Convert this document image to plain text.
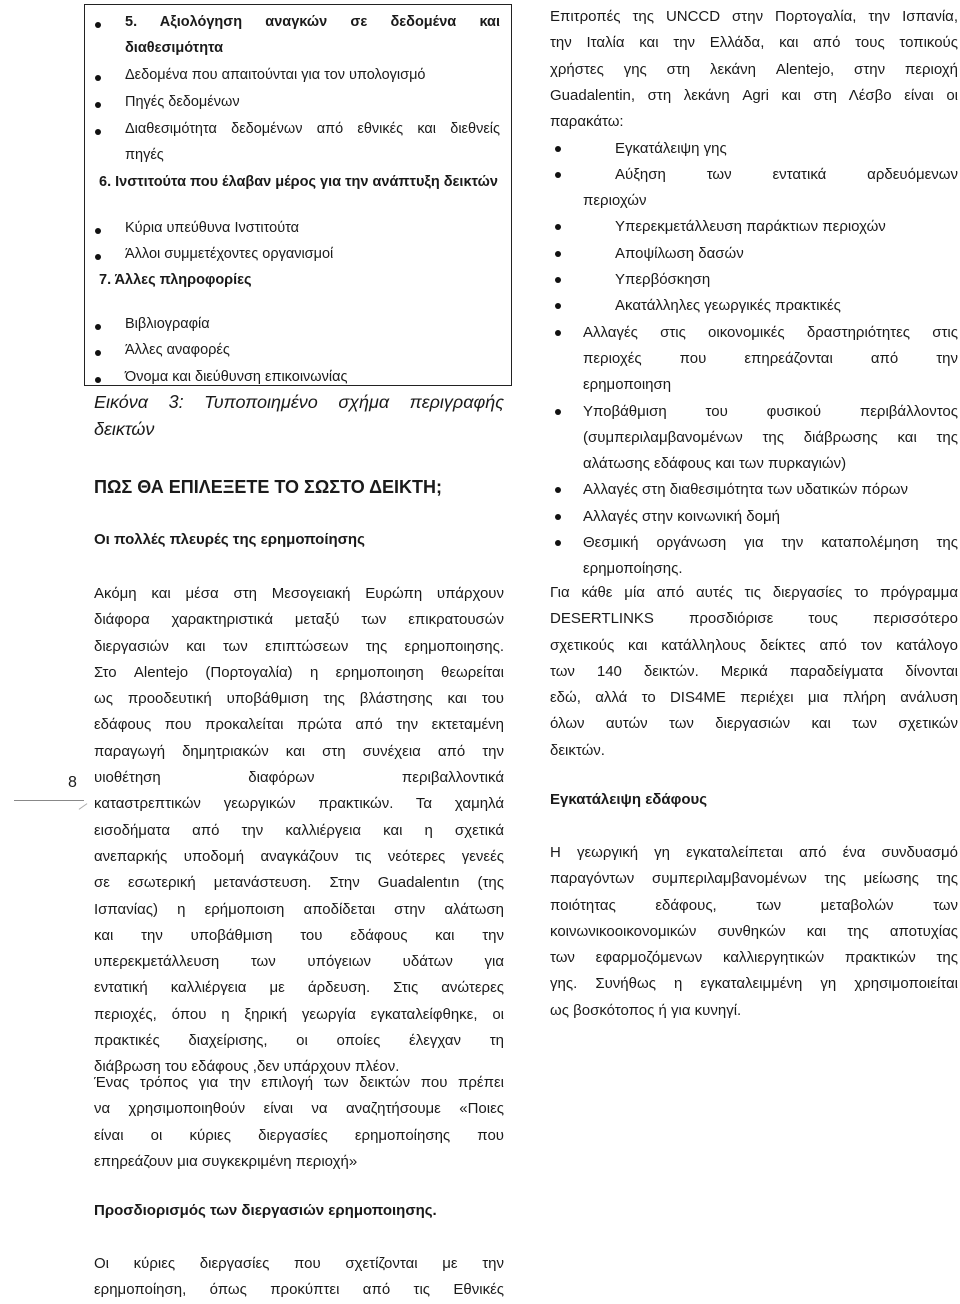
8
5. Αξιολόγηση αναγκών σε δεδομένα και
διαθεσιμότητα
Δεδομένα που απαιτούνται για τον υπολογισμό
Πηγές δεδομένων
Διαθεσιμότητα δεδομένων από εθνικές και διεθνείς
πηγές
6. Ινστιτούτα που έλαβαν μέρος για την ανάπτυξη δεικτών
Κύρια υπεύθυνα Ινστιτούτα
Άλλοι συμμετέχοντες οργανισμοί
7. Άλλες πληροφορίες
Βιβλιογραφία
Άλλες αναφορές
Όνομα και διεύθυνση επικοινωνίας
Εικόνα 3: Τυποποιημένο σχήμα περιγραφής
δεικτών
ΠΩΣ ΘΑ ΕΠΙΛΕΞΕΤΕ ΤΟ ΣΩΣΤΟ ΔΕΙΚΤΗ;
Οι πολλές πλευρές της ερημοποίησης
Ακόμη και μέσα στη Μεσογειακή Ευρώπη υπάρχουν
διάφορα χαρακτηριστικά μεταξύ των επικρατουσών
διεργασιών και των επιπτώσεων της ερημοποιησης.
Στο Alentejo (Πορτογαλία) η ερημοποιηση θεωρείται
ως προοδευτική υποβάθμιση της βλάστησης και του
εδάφους που προκαλείται πρώτα από την εκτεταμένη
παραγωγή δημητριακών και στη συνέχεια από την
υιοθέτηση διαφόρων περιβαλλοντικά
καταστρεπτικών γεωργικών πρακτικών. Τα χαμηλά
εισοδήματα από την καλλιέργεια και η σχετικά
ανεπαρκής υποδομή αναγκάζουν τις νεότερες γενεές
σε εσωτερική μετανάστευση. Στην Guadalentın (της
Ισπανίας) η ερήμοποιση αποδίδεται στην αλάτωση
και την υποβάθμιση του εδάφους και την
υπερεκμετάλλευση των υπόγειων υδάτων για
εντατική καλλιέργεια με άρδευση. Στις ανώτερες
περιοχές, όπου η ξηρική γεωργία εγκαταλείφθηκε, οι
πρακτικές διαχείρισης, οι οποίες έλεγχαν τη
διάβρωση του εδάφους ,δεν υπάρχουν πλέον.
Ένας τρόπος για την επιλογή των δεικτών που πρέπει
να χρησιμοποιηθούν είναι να αναζητήσουμε «Ποιες
είναι οι κύριες διεργασίες ερημοποίησης που
επηρεάζουν μια συγκεκριμένη περιοχή»
Προσδιορισμός των διεργασιών ερημοποιησης.
Οι κύριες διεργασίες που σχετίζονται με την
ερημοποίηση, όπως προκύπτει από τις Εθνικές
Επιτροπές της UNCCD στην Πορτογαλία, την Ισπανία,
την Ιταλία και την Ελλάδα, και από τους τοπικούς
χρήστες γης στη λεκάνη Alentejo, στην περιοχή
Guadalentin, στη λεκάνη Agri και στη Λέσβο είναι οι
παρακάτω:
Εγκατάλειψη γης
Αύξηση των εντατικά αρδευόμενων
περιοχών
Υπερεκμετάλλευση παράκτιων περιοχών
Αποψίλωση δασών
Υπερβόσκηση
Ακατάλληλες γεωργικές πρακτικές
Αλλαγές στις οικονομικές δραστηριότητες στις
περιοχές που επηρεάζονται από την
ερημοποιηση
Υποβάθμιση του φυσικού περιβάλλοντος
(συμπεριλαμβανομένων της διάβρωσης και της
αλάτωσης εδάφους και των πυρκαγιών)
Αλλαγές στη διαθεσιμότητα των υδατικών πόρων
Αλλαγές στην κοινωνική δομή
Θεσμική οργάνωση για την καταπολέμηση της
ερημοποίησης.
Για κάθε μία από αυτές τις διεργασίες το πρόγραμμα
DESERTLINKS προσδιόρισε τους περισσότερο
σχετικούς και κατάλληλους δείκτες από τον κατάλογο
των 140 δεικτών. Μερικά παραδείγματα δίνονται
εδώ, αλλά το DIS4ME περιέχει μια πλήρη ανάλυση
όλων αυτών των διεργασιών και των σχετικών
δεικτών.
Εγκατάλειψη εδάφους
Η γεωργική γη εγκαταλείπεται από ένα συνδυασμό
παραγόντων συμπεριλαμβανομένων της μείωσης της
ποιότητας εδάφους, των μεταβολών των
κοινωνικοοικονομικών συνθηκών και της αποτυχίας
των εφαρμοζόμενων καλλιεργητικών πρακτικών της
γης. Συνήθως η εγκαταλειμμένη γη χρησιμοποιείται
ως βοσκότοπος ή για κυνηγί.
